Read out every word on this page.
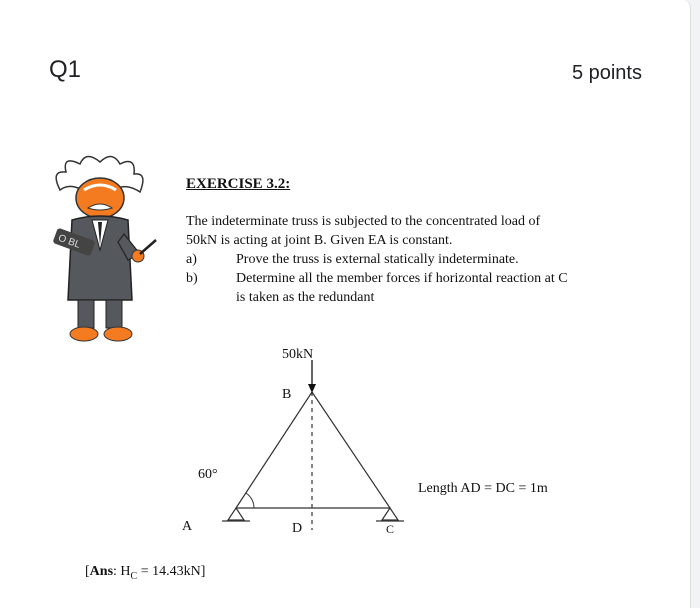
Q1	5 points
O BL
EXERCISE 3.2:
The indeterminate truss is subjected to the concentrated load of
50kN is acting at joint B. Given EA is constant.
a)	Prove the truss is external statically indeterminate.
b)	Determine all the member forces if horizontal reaction at C
is taken as the redundant
50kN
B
60°
A	D	C
Length AD = DC = 1m
[Ans: $H_C = 14.43kN$]
